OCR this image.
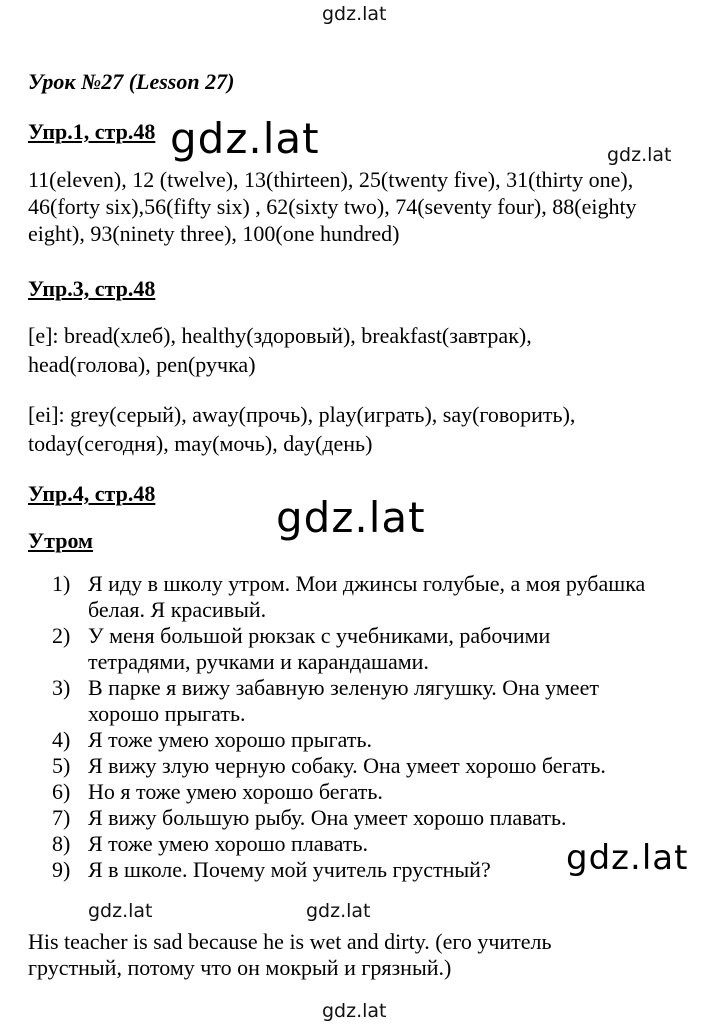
gdz.lat
gdz.lat	gdz.lat
gdz.lat
Урок №27 (Lesson 27)
Упр.1, стр.48
11(eleven), 12 (twelve), 13(thirteen), 25(twenty five), 31(thirty one),
46(forty six),56(fifty six) , 62(sixty two), 74(seventy four), 88(eighty
eight), 93(ninety three), 100(one hundred)
Упр.3, стр.48
[e]: bread(хлеб), healthy(здоровый), breakfast(завтрак),
head(голова), pen(ручка)
[ei]: grey(серый), away(прочь), play(играть), say(говорить),
today(сегодня), may(мочь), day(день)
Упр.4, стр.48
Утром
1) Я иду в школу утром. Мои джинсы голубые, а моя рубашка
белая. Я красивый.
2) У меня большой рюкзак с учебниками, рабочими
тетрадями, ручками и карандашами.
3) В парке я вижу забавную зеленую лягушку. Она умеет
хорошо прыгать.
4) Я тоже умею хорошо прыгать.
5) Я вижу злую черную собаку. Она умеет хорошо бегать.
6) Но я тоже умею хорошо бегать.
7) Я вижу большую рыбу. Она умеет хорошо плавать.
8) Я тоже умею хорошо плавать.
9) Я в школе. Почему мой учитель грустный?	gdz.lat
gdz.lat	gdz.lat
His teacher is sad because he is wet and dirty. (его учитель
грустный, потому что он мокрый и грязный.)
gdz.lat
